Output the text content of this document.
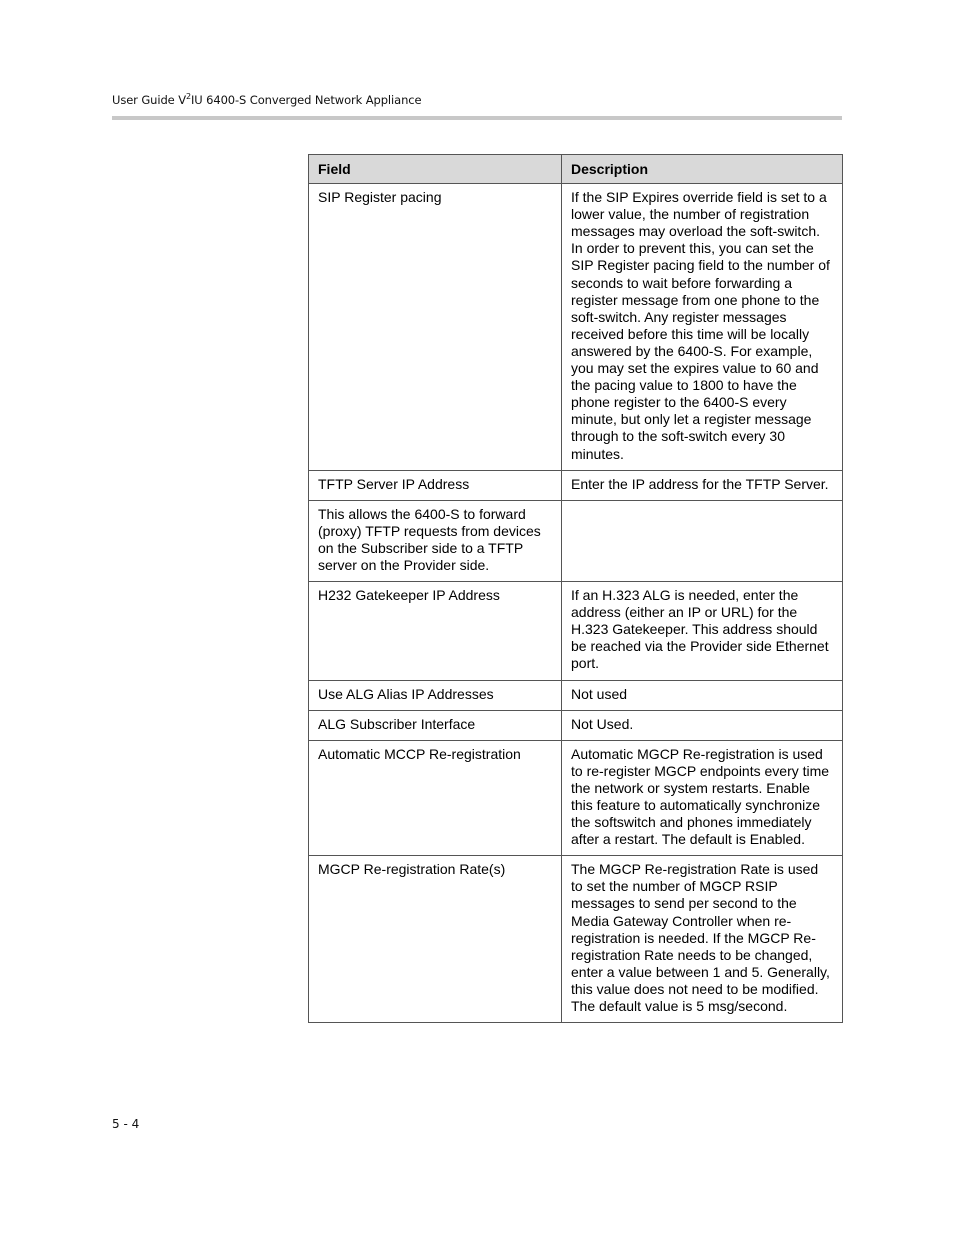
User Guide $V^2IU$ 6400-S Converged Network Appliance
Field	Description
SIP Register pacing	If the SIP Expires override field is set to a lower value, the number of registration messages may overload the soft-switch. In order to prevent this, you can set the SIP Register pacing field to the number of seconds to wait before forwarding a register message from one phone to the soft-switch. Any register messages received before this time will be locally answered by the 6400-S. For example, you may set the expires value to 60 and the pacing value to 1800 to have the phone register to the 6400-S every minute, but only let a register message through to the soft-switch every 30 minutes.
TFTP Server IP Address	Enter the IP address for the TFTP Server.
This allows the 6400-S to forward (proxy) TFTP requests from devices on the Subscriber side to a TFTP server on the Provider side.	
H232 Gatekeeper IP Address	If an H.323 ALG is needed, enter the address (either an IP or URL) for the H.323 Gatekeeper. This address should be reached via the Provider side Ethernet port.
Use ALG Alias IP Addresses	Not used
ALG Subscriber Interface	Not Used.
Automatic MCCP Re-registration	Automatic MGCP Re-registration is used to re-register MGCP endpoints every time the network or system restarts. Enable this feature to automatically synchronize the softswitch and phones immediately after a restart. The default is Enabled.
MGCP Re-registration Rate(s)	The MGCP Re-registration Rate is used to set the number of MGCP RSIP messages to send per second to the Media Gateway Controller when re-registration is needed. If the MGCP Re-registration Rate needs to be changed, enter a value between 1 and 5. Generally, this value does not need to be modified. The default value is 5 msg/second.
5 - 4
